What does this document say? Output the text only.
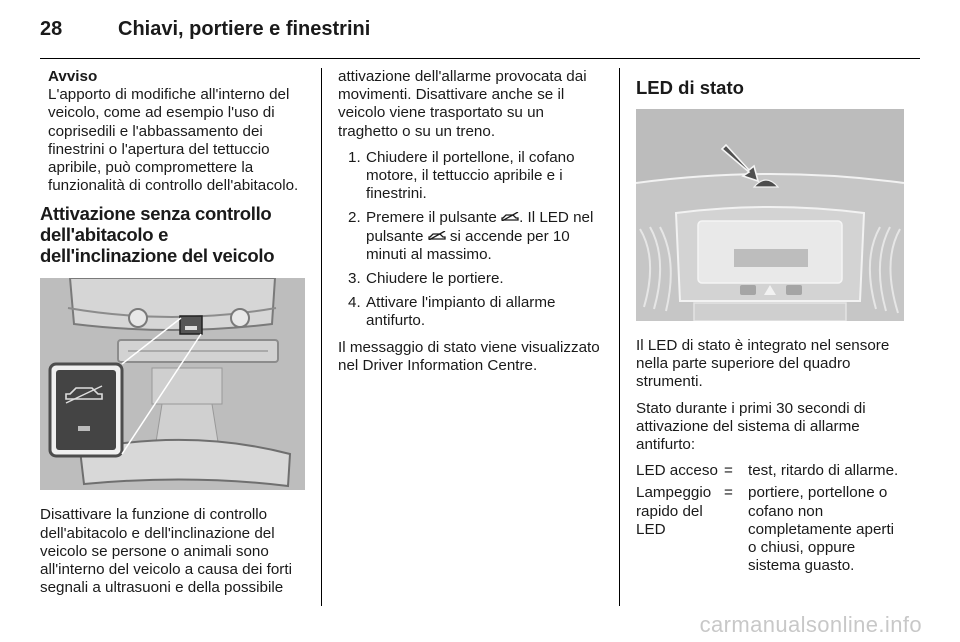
28	Chiavi, portiere e finestrini
Avviso
L'apporto di modifiche all'interno del veicolo, come ad esempio l'uso di coprisedili e l'abbassamento dei finestrini o l'apertura del tettuccio apribile, può compromettere la funzionalità di controllo dell'abitacolo.
Attivazione senza controllo dell'abitacolo e dell'inclinazione del veicolo

Disattivare la funzione di controllo dell'abitacolo e dell'inclinazione del veicolo se persone o animali sono all'interno del veicolo a causa dei forti segnali a ultrasuoni e della possibile

attivazione dell'allarme provocata dai movimenti. Disattivare anche se il veicolo viene trasportato su un traghetto o su un treno.

1. Chiudere il portellone, il cofano motore, il tettuccio apribile e i finestrini.
2. Premere il pulsante . Il LED nel pulsante  si accende per 10 minuti al massimo.
3. Chiudere le portiere.
4. Attivare l'impianto di allarme antifurto.

Il messaggio di stato viene visualizzato nel Driver Information Centre.

LED di stato

Il LED di stato è integrato nel sensore nella parte superiore del quadro strumenti.

Stato durante i primi 30 secondi di attivazione del sistema di allarme antifurto:

LED acceso	=	test, ritardo di allarme.
Lampeggio rapido del LED	=	portiere, portellone o cofano non completamente aperti o chiusi, oppure sistema guasto.
carmanualsonline.info
